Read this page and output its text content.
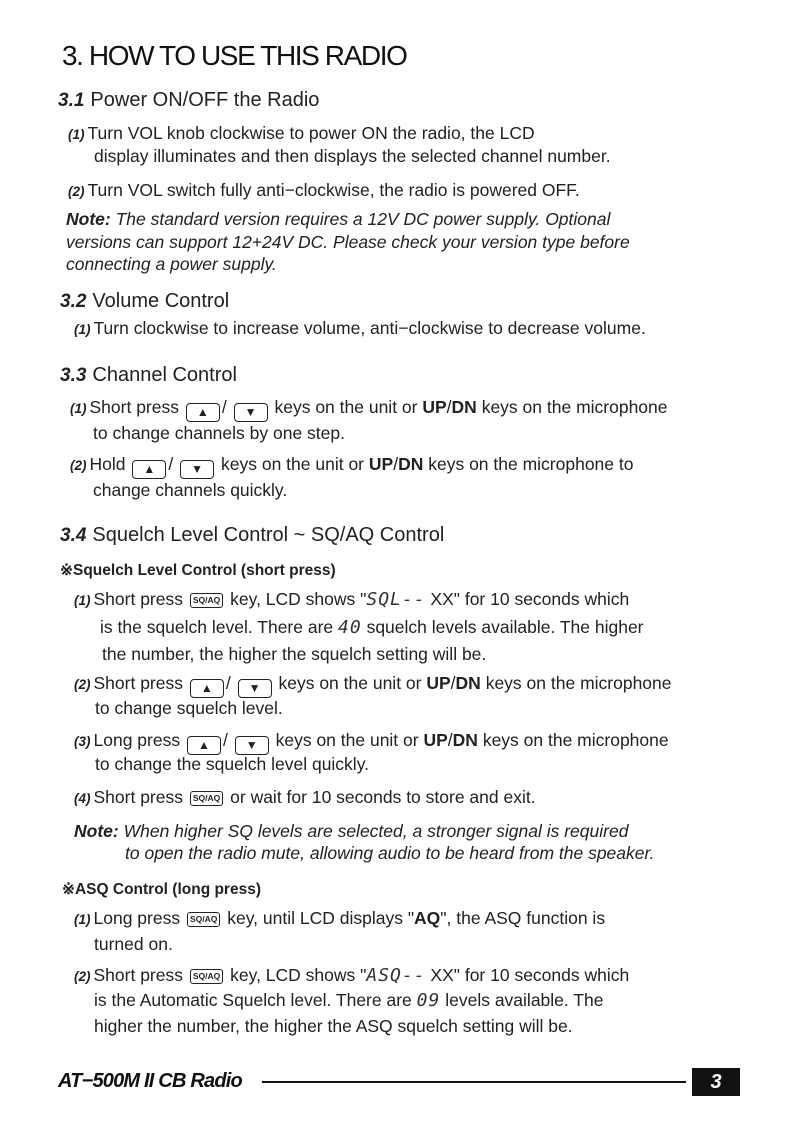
3. HOW TO USE THIS RADIO
3.1 Power ON/OFF the Radio
(1) Turn VOL knob clockwise to power ON the radio, the LCD
display illuminates and then displays the selected channel number.
(2) Turn VOL switch fully anti−clockwise, the radio is powered OFF.
Note: The standard version requires a 12V DC power supply. Optional
versions can support 12+24V DC. Please check your version type before
connecting a power supply.
3.2 Volume Control
(1) Turn clockwise to increase volume, anti−clockwise to decrease volume.
3.3 Channel Control
(1) Short press ▲ / ▼ keys on the unit or UP/DN keys on the microphone
to change channels by one step.
(2) Hold ▲ / ▼ keys on the unit or UP/DN keys on the microphone to
change channels quickly.
3.4 Squelch Level Control ~ SQ/AQ Control
※Squelch Level Control (short press)
(1) Short press SQ/AQ key, LCD shows "SQL-- XX" for 10 seconds which
is the squelch level. There are 40 squelch levels available. The higher
the number, the higher the squelch setting will be.
(2) Short press ▲ / ▼ keys on the unit or UP/DN keys on the microphone
to change squelch level.
(3) Long press ▲ / ▼ keys on the unit or UP/DN keys on the microphone
to change the squelch level quickly.
(4) Short press SQ/AQ or wait for 10 seconds to store and exit.
Note: When higher SQ levels are selected, a stronger signal is required
to open the radio mute, allowing audio to be heard from the speaker.
※ASQ Control (long press)
(1) Long press SQ/AQ key, until LCD displays "AQ", the ASQ function is
turned on.
(2) Short press SQ/AQ key, LCD shows "ASQ-- XX" for 10 seconds which
is the Automatic Squelch level. There are 09 levels available. The
higher the number, the higher the ASQ squelch setting will be.
AT−500M II CB Radio	3
